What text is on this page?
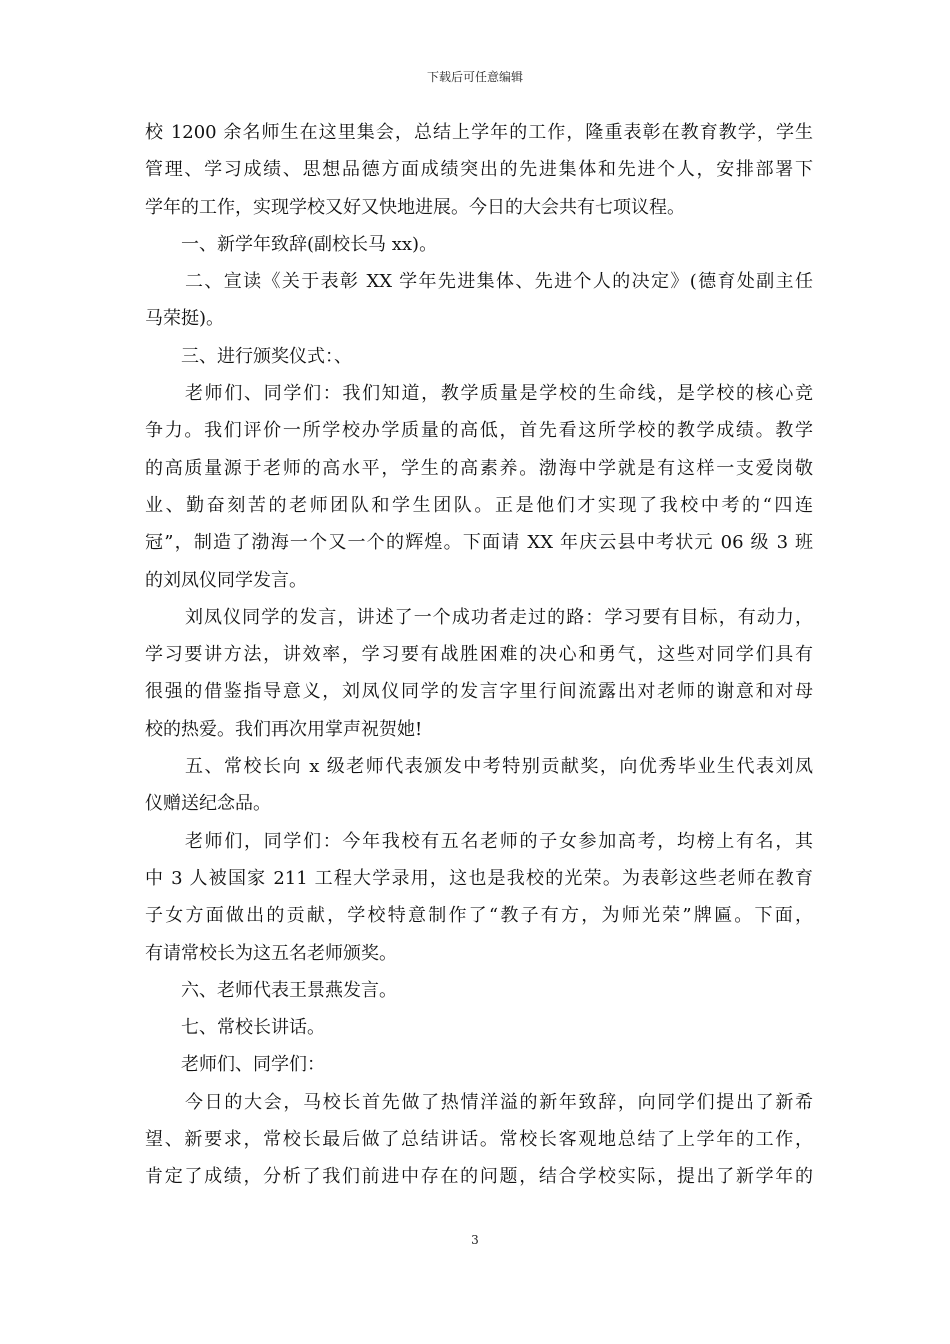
下载后可任意编辑
校 1200 余名师生在这里集会，总结上学年的工作，隆重表彰在教育教学，学生
管理、学习成绩、思想品德方面成绩突出的先进集体和先进个人，安排部署下
学年的工作，实现学校又好又快地进展。今日的大会共有七项议程。
一、新学年致辞(副校长马 xx)。
二、宣读《关于表彰 XX 学年先进集体、先进个人的决定》(德育处副主任
马荣挺)。
三、进行颁奖仪式：、
老师们、同学们：我们知道，教学质量是学校的生命线，是学校的核心竞
争力。我们评价一所学校办学质量的高低，首先看这所学校的教学成绩。教学
的高质量源于老师的高水平，学生的高素养。渤海中学就是有这样一支爱岗敬
业、勤奋刻苦的老师团队和学生团队。正是他们才实现了我校中考的“四连
冠”，制造了渤海一个又一个的辉煌。下面请 XX 年庆云县中考状元 06 级 3 班
的刘凤仪同学发言。
刘凤仪同学的发言，讲述了一个成功者走过的路：学习要有目标，有动力，
学习要讲方法，讲效率，学习要有战胜困难的决心和勇气，这些对同学们具有
很强的借鉴指导意义，刘凤仪同学的发言字里行间流露出对老师的谢意和对母
校的热爱。我们再次用掌声祝贺她!
五、常校长向 x 级老师代表颁发中考特别贡献奖，向优秀毕业生代表刘凤
仪赠送纪念品。
老师们，同学们：今年我校有五名老师的子女参加高考，均榜上有名，其
中 3 人被国家 211 工程大学录用，这也是我校的光荣。为表彰这些老师在教育
子女方面做出的贡献，学校特意制作了“教子有方，为师光荣”牌匾。下面，
有请常校长为这五名老师颁奖。
六、老师代表王景燕发言。
七、常校长讲话。
老师们、同学们：
今日的大会，马校长首先做了热情洋溢的新年致辞，向同学们提出了新希
望、新要求，常校长最后做了总结讲话。常校长客观地总结了上学年的工作，
肯定了成绩，分析了我们前进中存在的问题，结合学校实际，提出了新学年的
3
